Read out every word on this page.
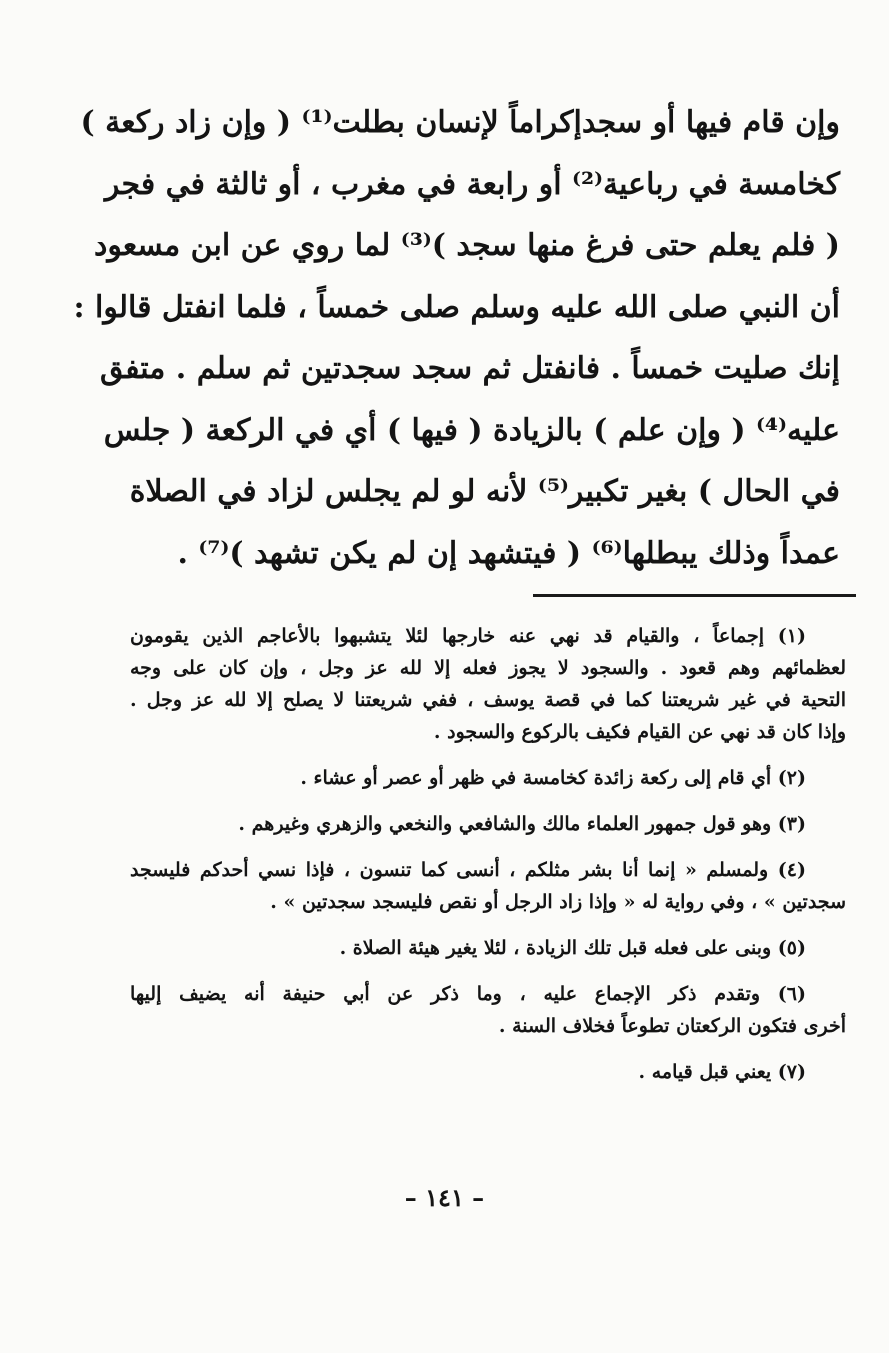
وإن قام فيها أو سجدإكراماً لإنسان بطلت⁽¹⁾ ( وإن زاد ركعة )
كخامسة في رباعية⁽²⁾ أو رابعة في مغرب ، أو ثالثة في فجر
( فلم يعلم حتى فرغ منها سجد )⁽³⁾ لما روي عن ابن مسعود
أن النبي صلى الله عليه وسلم صلى خمساً ، فلما انفتل قالوا :
إنك صليت خمساً . فانفتل ثم سجد سجدتين ثم سلم . متفق
عليه⁽⁴⁾ ( وإن علم ) بالزيادة ( فيها ) أي في الركعة ( جلس
في الحال ) بغير تكبير⁽⁵⁾ لأنه لو لم يجلس لزاد في الصلاة
عمداً وذلك يبطلها⁽⁶⁾ ( فيتشهد إن لم يكن تشهد )⁽⁷⁾ .
(١) إجماعاً ، والقيام قد نهي عنه خارجها لئلا يتشبهوا بالأعاجم الذين يقومون
لعظمائهم وهم قعود . والسجود لا يجوز فعله إلا لله عز وجل ، وإن كان على وجه
التحية في غير شريعتنا كما في قصة يوسف ، ففي شريعتنا لا يصلح إلا لله عز وجل .
وإذا كان قد نهي عن القيام فكيف بالركوع والسجود .
(٢) أي قام إلى ركعة زائدة كخامسة في ظهر أو عصر أو عشاء .
(٣) وهو قول جمهور العلماء مالك والشافعي والنخعي والزهري وغيرهم .
(٤) ولمسلم « إنما أنا بشر مثلكم ، أنسى كما تنسون ، فإذا نسي أحدكم فليسجد
سجدتين » ، وفي رواية له « وإذا زاد الرجل أو نقص فليسجد سجدتين » .
(٥) وبنى على فعله قبل تلك الزيادة ، لئلا يغير هيئة الصلاة .
(٦) وتقدم ذكر الإجماع عليه ، وما ذكر عن أبي حنيفة أنه يضيف إليها
أخرى فتكون الركعتان تطوعاً فخلاف السنة .
(٧) يعني قبل قيامه .
– ١٤١ –
